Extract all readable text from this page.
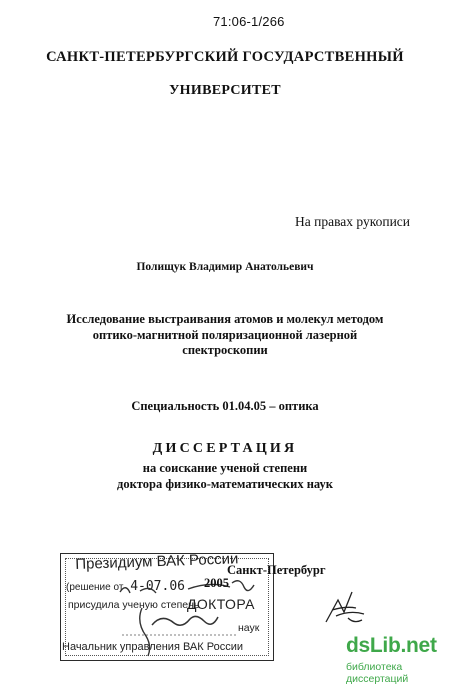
71:06-1/266
САНКТ-ПЕТЕРБУРГСКИЙ ГОСУДАРСТВЕННЫЙ
УНИВЕРСИТЕТ
На правах рукописи
Полищук Владимир Анатольевич
Исследование выстраивания атомов и молекул методом
оптико-магнитной поляризационной лазерной
спектроскопии
Специальность 01.04.05 – оптика
ДИССЕРТАЦИЯ
на соискание ученой степени
доктора физико-математических наук
Президиум ВАК России
(решение от 4-07.06
присудила ученую степень
ДОКТОРА
наук
Начальник управления ВАК России
Санкт-Петербург
2005
dsLib.net
библиотека диссертаций
